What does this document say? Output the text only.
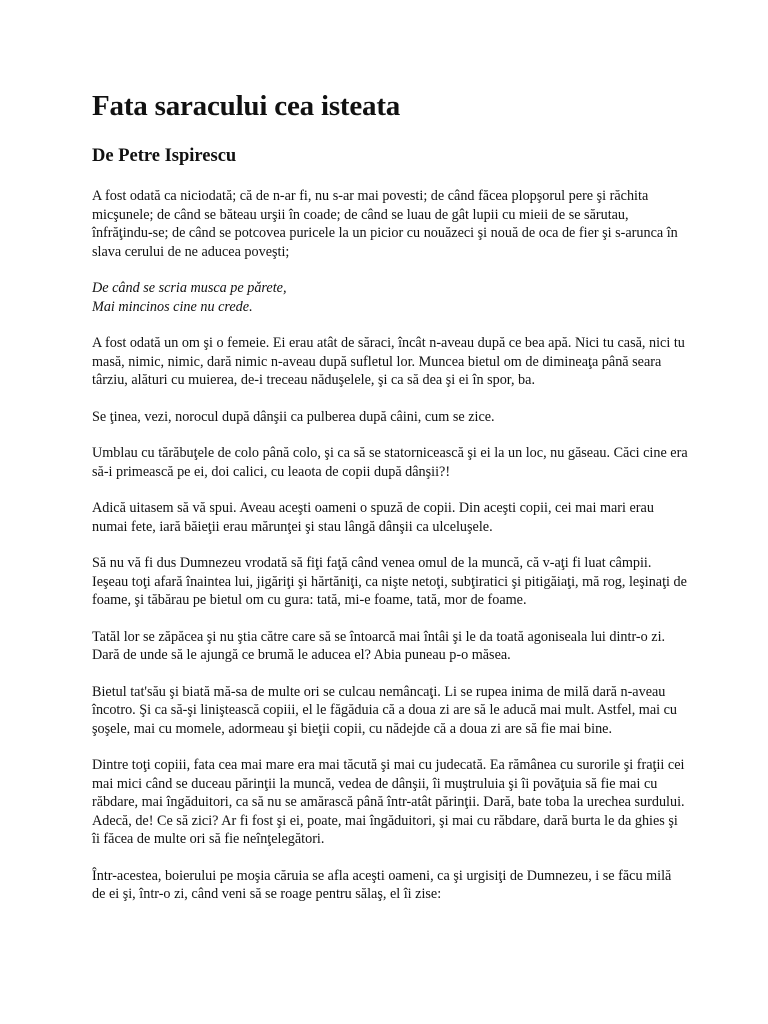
Fata saracului cea isteata
De Petre Ispirescu

A fost odată ca niciodată; că de n-ar fi, nu s-ar mai povesti; de când făcea plopşorul pere şi răchita micşunele; de când se băteau urşii în coade; de când se luau de gât lupii cu mieii de se sărutau, înfrăţindu-se; de când se potcovea puricele la un picior cu nouăzeci şi nouă de oca de fier şi s-arunca în slava cerului de ne aducea poveşti;

De când se scria musca pe pǎrete,
Mai mincinos cine nu crede.

A fost odată un om şi o femeie. Ei erau atât de săraci, încât n-aveau după ce bea apă. Nici tu casă, nici tu masă, nimic, nimic, dară nimic n-aveau după sufletul lor. Muncea bietul om de dimineaţa până seara târziu, alături cu muierea, de-i treceau năduşelele, şi ca să dea şi ei în spor, ba.

Se ţinea, vezi, norocul după dânşii ca pulberea după câini, cum se zice.

Umblau cu tărăbuţele de colo până colo, şi ca să se statornicească şi ei la un loc, nu găseau. Căci cine era să-i primească pe ei, doi calici, cu leaota de copii după dânşii?!

Adică uitasem să vă spui. Aveau aceşti oameni o spuză de copii. Din aceşti copii, cei mai mari erau numai fete, iară băieţii erau mărunţei şi stau lângă dânşii ca ulceluşele.

Să nu vă fi dus Dumnezeu vrodată să fiţi faţă când venea omul de la muncă, că v-aţi fi luat câmpii. Ieşeau toţi afară înaintea lui, jigăriţi şi hărtăniţi, ca nişte netoţi, subţiratici şi pitigăiaţi, mă rog, leşinaţi de foame, şi tăbărau pe bietul om cu gura: tată, mi-e foame, tată, mor de foame.

Tatăl lor se zăpăcea şi nu ştia către care să se întoarcă mai întâi şi le da toată agoniseala lui dintr-o zi. Dară de unde să le ajungă ce brumă le aducea el? Abia puneau p-o măsea.

Bietul tat'său şi biată mă-sa de multe ori se culcau nemâncaţi. Li se rupea inima de milă dară n-aveau încotro. Şi ca să-şi liniştească copiii, el le făgăduia că a doua zi are să le aducă mai mult. Astfel, mai cu şoşele, mai cu momele, adormeau şi bieţii copii, cu nădejde că a doua zi are să fie mai bine.

Dintre toţi copiii, fata cea mai mare era mai tăcută şi mai cu judecată. Ea rămânea cu surorile şi fraţii cei mai mici când se duceau părinţii la muncă, vedea de dânşii, îi muştruluia şi îi povăţuia să fie mai cu răbdare, mai îngăduitori, ca să nu se amărască până într-atât părinţii. Dară, bate toba la urechea surdului. Adecă, de! Ce să zici? Ar fi fost şi ei, poate, mai îngăduitori, şi mai cu răbdare, dară burta le da ghies şi îi făcea de multe ori să fie neînţelegători.

Într-acestea, boierului pe moşia căruia se afla aceşti oameni, ca şi urgisiţi de Dumnezeu, i se făcu milă de ei şi, într-o zi, când veni să se roage pentru sălaş, el îi zise:
